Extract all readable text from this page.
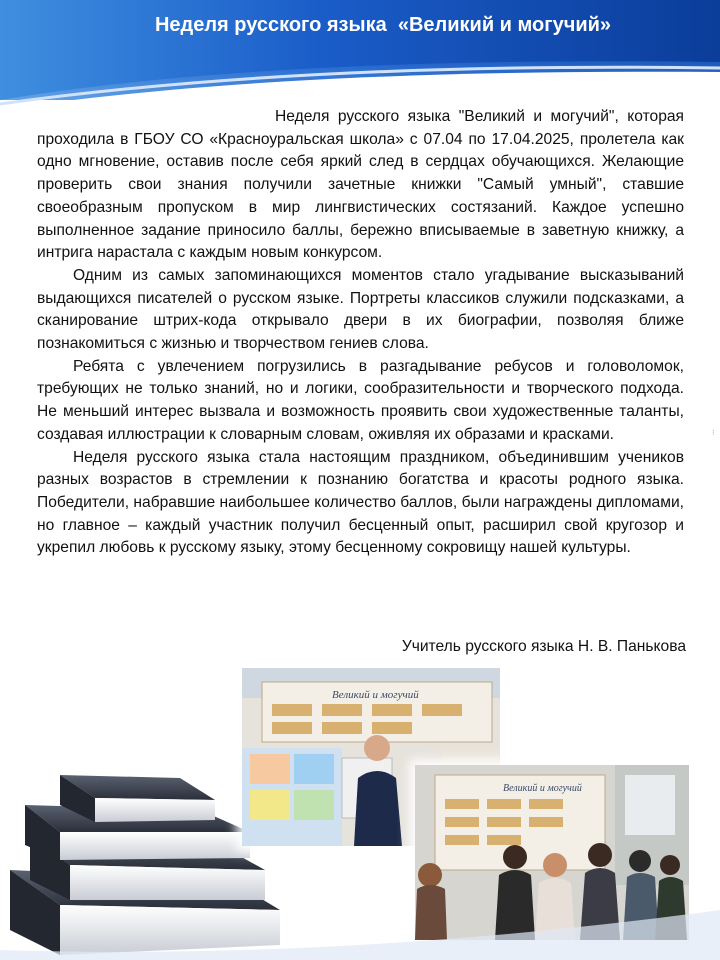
Неделя русского языка  «Великий и могучий»

Неделя русского языка "Великий и могучий", которая проходила в ГБОУ СО «Красноуральская школа» с 07.04 по 17.04.2025, пролетела как одно мгновение, оставив после себя яркий след в сердцах обучающихся. Желающие проверить свои знания получили зачетные книжки "Самый умный", ставшие своеобразным пропуском в мир лингвистических состязаний. Каждое успешно выполненное задание приносило баллы, бережно вписываемые в заветную книжку, а интрига нарастала с каждым новым конкурсом.

Одним из самых запоминающихся моментов стало угадывание высказываний выдающихся писателей о русском языке. Портреты классиков служили подсказками, а сканирование штрих-кода открывало двери в их биографии, позволяя ближе познакомиться с жизнью и творчеством гениев слова.

Ребята с увлечением погрузились в разгадывание ребусов и головоломок, требующих не только знаний, но и логики, сообразительности и творческого подхода. Не меньший интерес вызвала и возможность проявить свои художественные таланты, создавая иллюстрации к словарным словам, оживляя их образами и красками.

Неделя русского языка стала настоящим праздником, объединившим учеников разных возрастов в стремлении к познанию богатства и красоты родного языка. Победители, набравшие наибольшее количество баллов, были награждены дипломами, но главное – каждый участник получил бесценный опыт, расширил свой кругозор и укрепил любовь к русскому языку, этому бесценному сокровищу нашей культуры.

Учитель русского языка Н. В. Панькова
Великий и могучий
Великий и могучий
⁝
